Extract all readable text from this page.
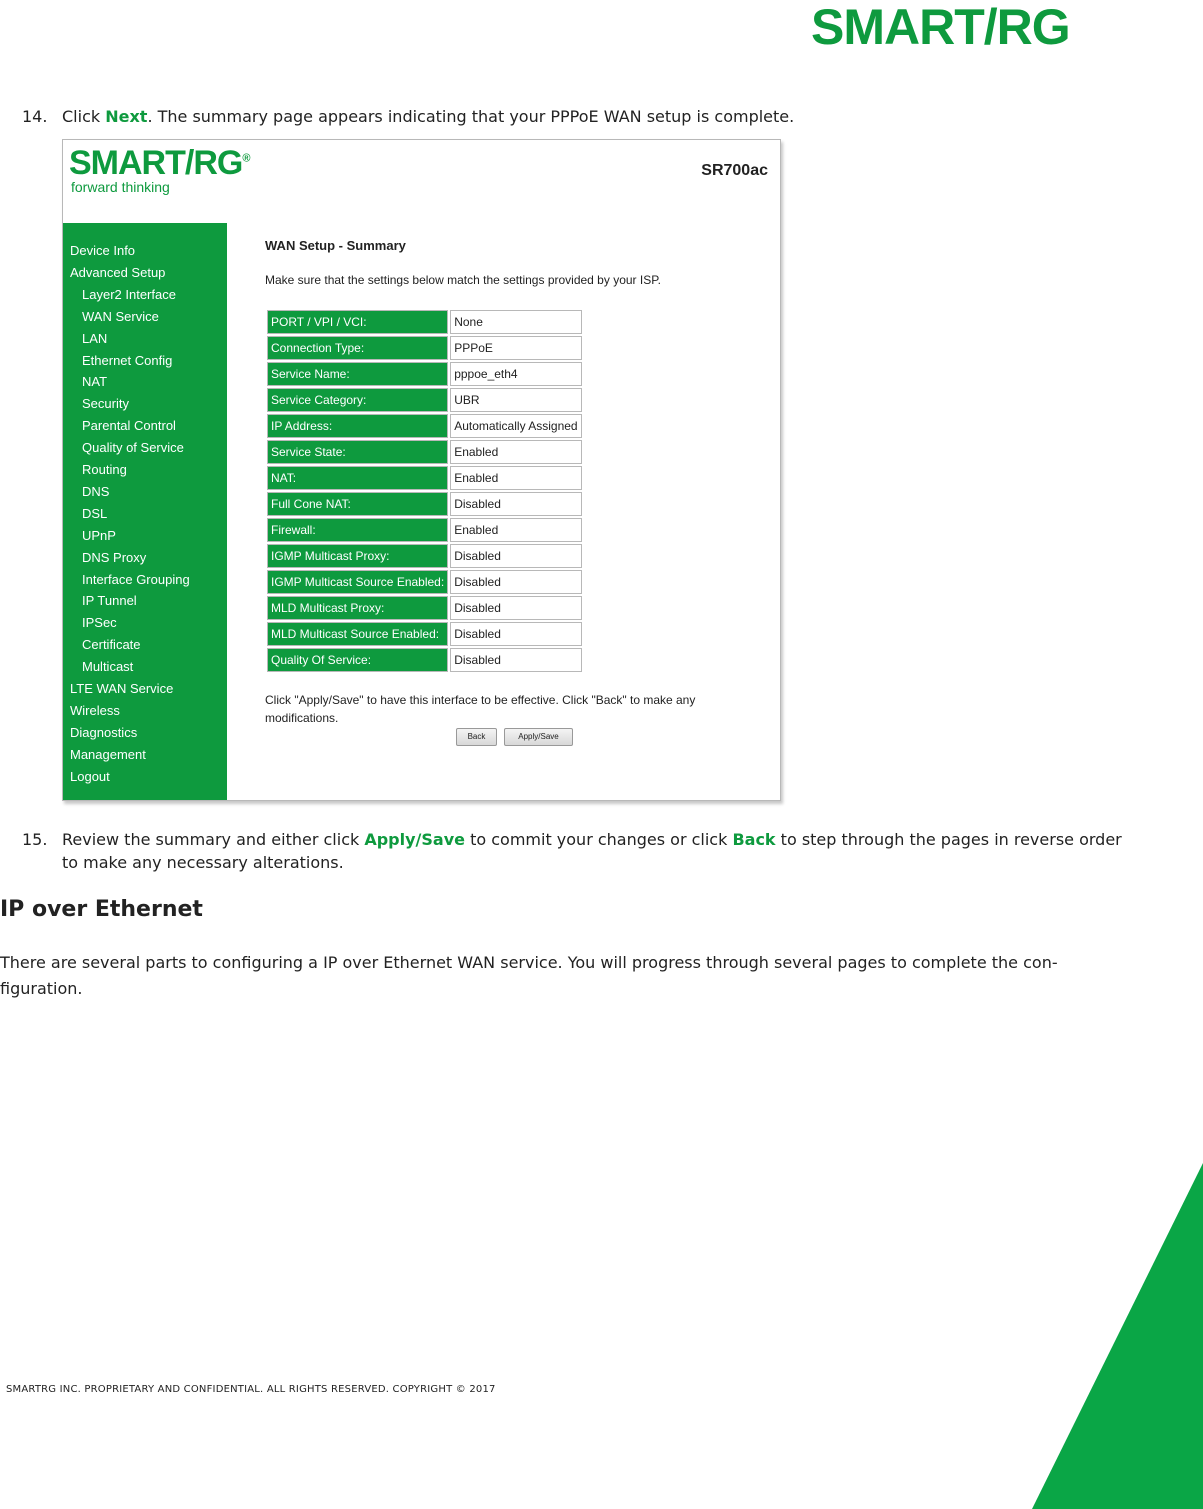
SMART/RG
14. Click Next. The summary page appears indicating that your PPPoE WAN setup is complete.
SMART/RG®
forward thinking
SR700ac
Device Info
Advanced Setup
Layer2 Interface
WAN Service
LAN
Ethernet Config
NAT
Security
Parental Control
Quality of Service
Routing
DNS
DSL
UPnP
DNS Proxy
Interface Grouping
IP Tunnel
IPSec
Certificate
Multicast
LTE WAN Service
Wireless
Diagnostics
Management
Logout
WAN Setup - Summary
Make sure that the settings below match the settings provided by your ISP.
PORT / VPI / VCI:	None
Connection Type:	PPPoE
Service Name:	pppoe_eth4
Service Category:	UBR
IP Address:	Automatically Assigned
Service State:	Enabled
NAT:	Enabled
Full Cone NAT:	Disabled
Firewall:	Enabled
IGMP Multicast Proxy:	Disabled
IGMP Multicast Source Enabled:	Disabled
MLD Multicast Proxy:	Disabled
MLD Multicast Source Enabled:	Disabled
Quality Of Service:	Disabled
Click "Apply/Save" to have this interface to be effective. Click "Back" to make any modifications.
Back	Apply/Save
15. Review the summary and either click Apply/Save to commit your changes or click Back to step through the pages in reverse order to make any necessary alterations.
IP over Ethernet
There are several parts to configuring a IP over Ethernet WAN service. You will progress through several pages to complete the con-figuration.
SMARTRG INC. PROPRIETARY AND CONFIDENTIAL. ALL RIGHTS RESERVED. COPYRIGHT © 2017
